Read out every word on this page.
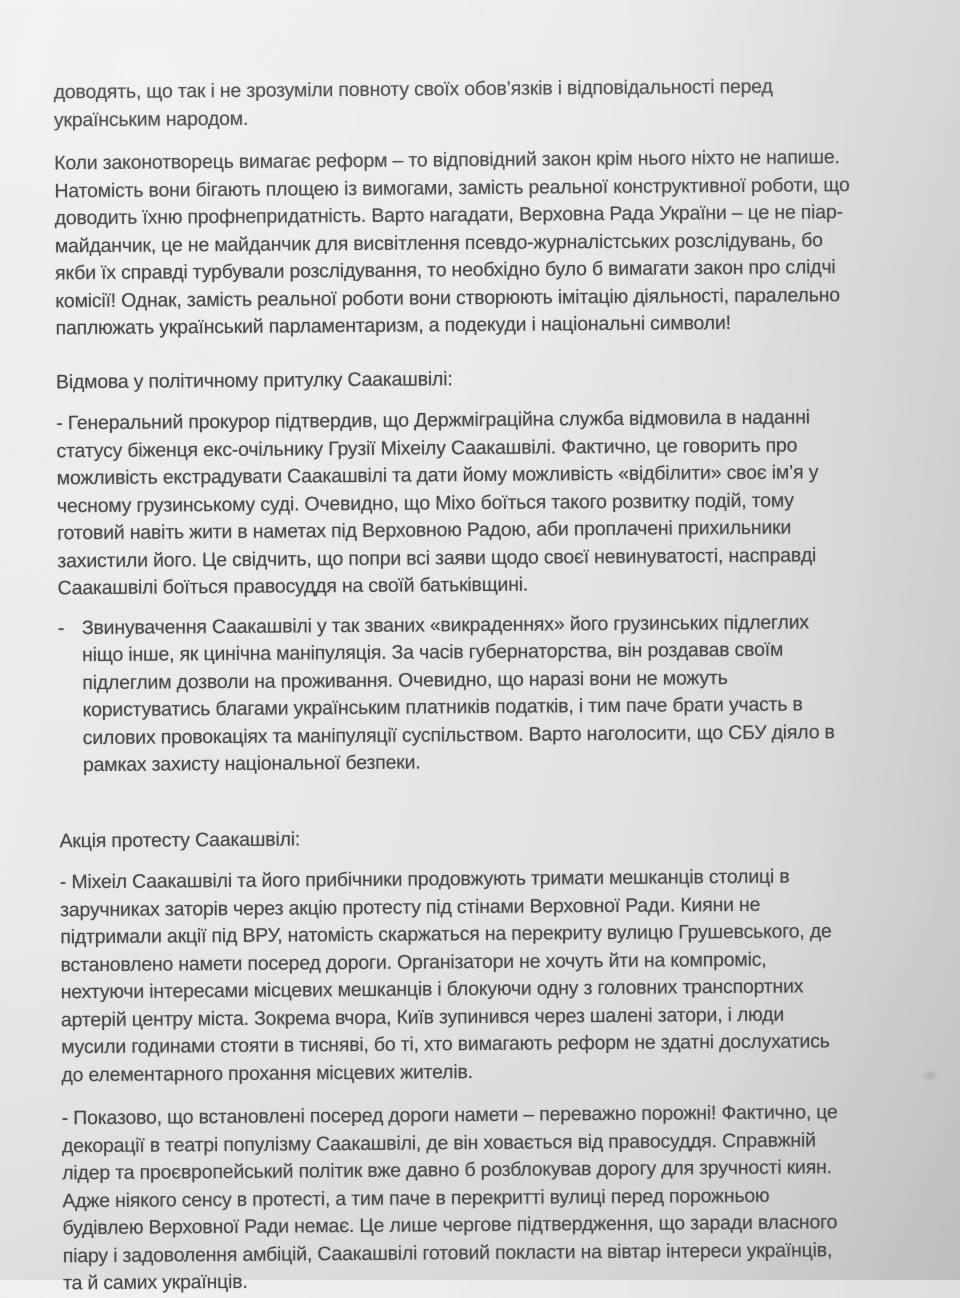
доводять, що так і не зрозуміли повноту своїх обов’язків і відповідальності перед
українським народом.
Коли законотворець вимагає реформ – то відповідний закон крім нього ніхто не напише.
Натомість вони бігають площею із вимогами, замість реальної конструктивної роботи, що
доводить їхню профнепридатність. Варто нагадати, Верховна Рада України – це не піар-
майданчик, це не майданчик для висвітлення псевдо-журналістських розслідувань, бо
якби їх справді турбували розслідування, то необхідно було б вимагати закон про слідчі
комісії! Однак, замість реальної роботи вони створюють імітацію діяльності, паралельно
паплюжать український парламентаризм, а подекуди і національні символи!
Відмова у політичному притулку Саакашвілі:
- Генеральний прокурор підтвердив, що Держміграційна служба відмовила в наданні
статусу біженця екс-очільнику Грузії Міхеілу Саакашвілі. Фактично, це говорить про
можливість екстрадувати Саакашвілі та дати йому можливість «відбілити» своє ім’я у
чесному грузинському суді. Очевидно, що Міхо боїться такого розвитку подій, тому
готовий навіть жити в наметах під Верховною Радою, аби проплачені прихильники
захистили його. Це свідчить, що попри всі заяви щодо своєї невинуватості, насправді
Саакашвілі боїться правосуддя на своїй батьківщині.
- Звинувачення Саакашвілі у так званих «викраденнях» його грузинських підлеглих
ніщо інше, як цинічна маніпуляція. За часів губернаторства, він роздавав своїм
підлеглим дозволи на проживання. Очевидно, що наразі вони не можуть
користуватись благами українським платників податків, і тим паче брати участь в
силових провокаціях та маніпуляції суспільством. Варто наголосити, що СБУ діяло в
рамках захисту національної безпеки.
Акція протесту Саакашвілі:
- Міхеіл Саакашвілі та його прибічники продовжують тримати мешканців столиці в
заручниках заторів через акцію протесту під стінами Верховної Ради. Кияни не
підтримали акції під ВРУ, натомість скаржаться на перекриту вулицю Грушевського, де
встановлено намети посеред дороги. Організатори не хочуть йти на компроміс,
нехтуючи інтересами місцевих мешканців і блокуючи одну з головних транспортних
артерій центру міста. Зокрема вчора, Київ зупинився через шалені затори, і люди
мусили годинами стояти в тисняві, бо ті, хто вимагають реформ не здатні дослухатись
до елементарного прохання місцевих жителів.
- Показово, що встановлені посеред дороги намети – переважно порожні! Фактично, це
декорації в театрі популізму Саакашвілі, де він ховається від правосуддя. Справжній
лідер та проєвропейський політик вже давно б розблокував дорогу для зручності киян.
Адже ніякого сенсу в протесті, а тим паче в перекритті вулиці перед порожньою
будівлею Верховної Ради немає. Це лише чергове підтвердження, що заради власного
піару і задоволення амбіцій, Саакашвілі готовий покласти на вівтар інтереси українців,
та й самих українців.
